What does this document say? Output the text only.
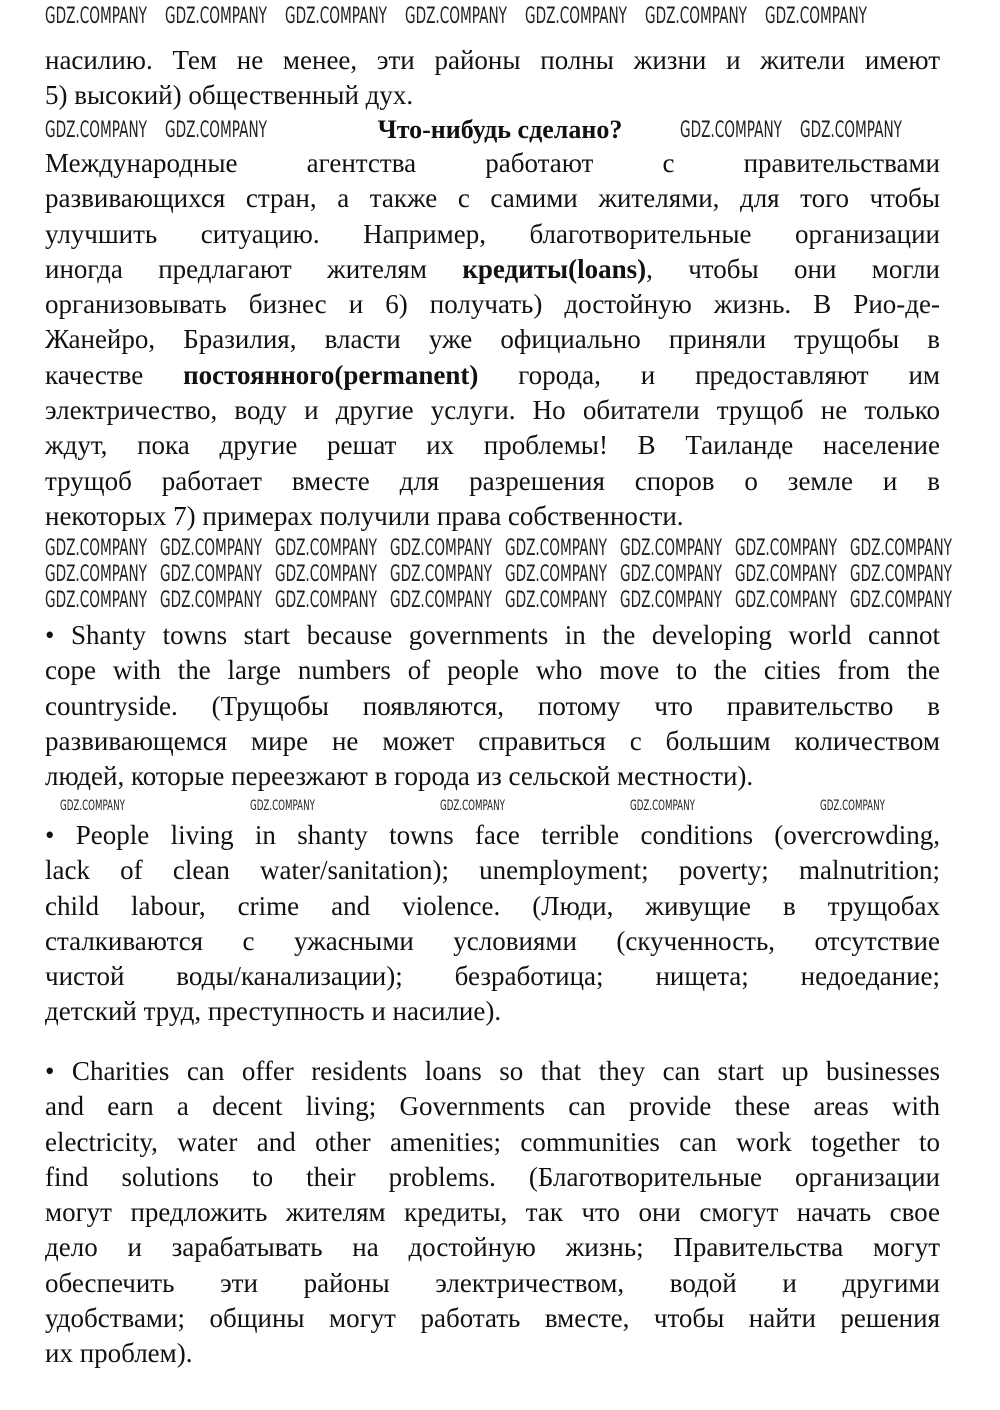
насилию. Тем не менее, эти районы полны жизни и жители имеют
5) высокий) общественный дух.
Что-нибудь сделано?
Международные агентства работают с правительствами
развивающихся стран, а также с самими жителями, для того чтобы
улучшить ситуацию. Например, благотворительные организации
иногда предлагают жителям кредиты(loans), чтобы они могли
организовывать бизнес и 6) получать) достойную жизнь. В Рио-де-
Жанейро, Бразилия, власти уже официально приняли трущобы в
качестве постоянного(permanent) города, и предоставляют им
электричество, воду и другие услуги. Но обитатели трущоб не только
ждут, пока другие решат их проблемы! В Таиланде население
трущоб работает вместе для разрешения споров о земле и в
некоторых 7) примерах получили права собственности.
• Shanty towns start because governments in the developing world cannot
cope with the large numbers of people who move to the cities from the
countryside. (Трущобы появляются, потому что правительство в
развивающемся мире не может справиться с большим количеством
людей, которые переезжают в города из сельской местности).
• People living in shanty towns face terrible conditions (overcrowding,
lack of clean water/sanitation); unemployment; poverty; malnutrition;
child labour, crime and violence. (Люди, живущие в трущобах
сталкиваются с ужасными условиями (скученность, отсутствие
чистой воды/канализации); безработица; нищета; недоедание;
детский труд, преступность и насилие).
• Charities can offer residents loans so that they can start up businesses
and earn a decent living; Governments can provide these areas with
electricity, water and other amenities; communities can work together to
find solutions to their problems. (Благотворительные организации
могут предложить жителям кредиты, так что они смогут начать свое
дело и зарабатывать на достойную жизнь; Правительства могут
обеспечить эти районы электричеством, водой и другими
удобствами; общины могут работать вместе, чтобы найти решения
их проблем).
GDZ.COMPANY GDZ.COMPANY GDZ.COMPANY GDZ.COMPANY GDZ.COMPANY GDZ.COMPANY GDZ.COMPANY
GDZ.COMPANY GDZ.COMPANY	GDZ.COMPANY GDZ.COMPANY
GDZ.COMPANY GDZ.COMPANY GDZ.COMPANY GDZ.COMPANY GDZ.COMPANY GDZ.COMPANY GDZ.COMPANY GDZ.COMPANY
GDZ.COMPANY GDZ.COMPANY GDZ.COMPANY GDZ.COMPANY GDZ.COMPANY GDZ.COMPANY GDZ.COMPANY GDZ.COMPANY
GDZ.COMPANY GDZ.COMPANY GDZ.COMPANY GDZ.COMPANY GDZ.COMPANY GDZ.COMPANY GDZ.COMPANY GDZ.COMPANY
GDZ.COMPANY	GDZ.COMPANY	GDZ.COMPANY	GDZ.COMPANY	GDZ.COMPANY
